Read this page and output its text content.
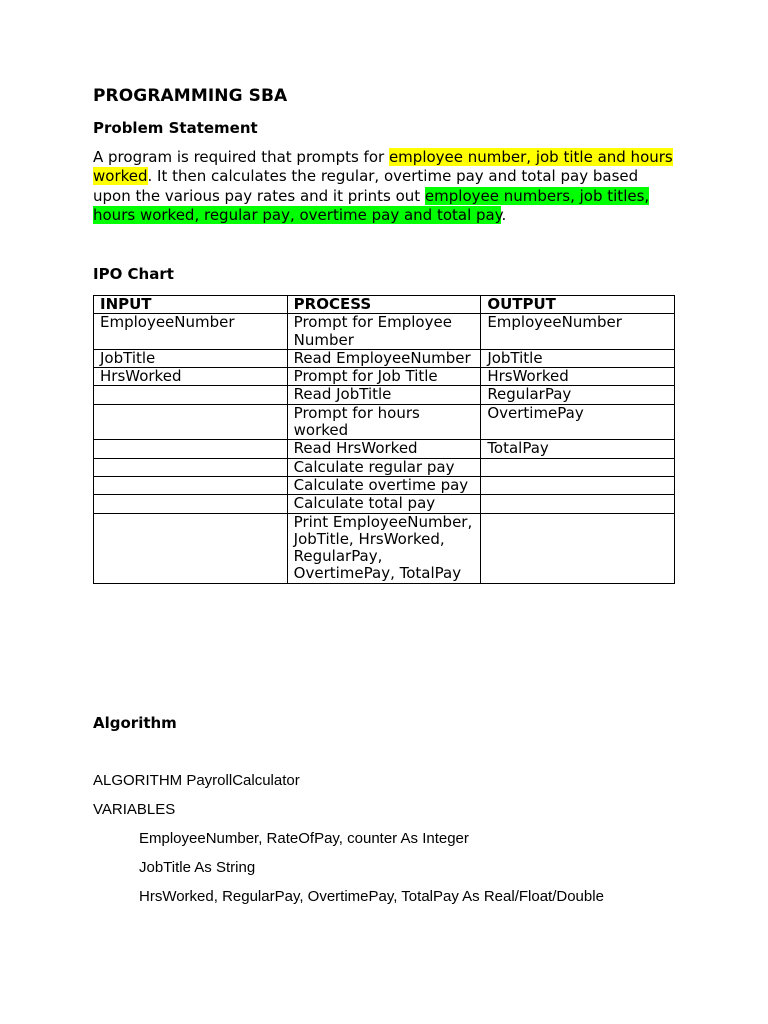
PROGRAMMING SBA
Problem Statement
A program is required that prompts for employee number, job title and hours worked. It then calculates the regular, overtime pay and total pay based upon the various pay rates and it prints out employee numbers, job titles, hours worked, regular pay, overtime pay and total pay.
IPO Chart
INPUT	PROCESS	OUTPUT
EmployeeNumber	Prompt for Employee Number	EmployeeNumber
JobTitle	Read EmployeeNumber	JobTitle
HrsWorked	Prompt for Job Title	HrsWorked
	Read JobTitle	RegularPay
	Prompt for hours worked	OvertimePay
	Read HrsWorked	TotalPay
	Calculate regular pay	
	Calculate overtime pay	
	Calculate total pay	
	Print EmployeeNumber, JobTitle, HrsWorked, RegularPay, OvertimePay, TotalPay	
Algorithm
ALGORITHM PayrollCalculator
VARIABLES
EmployeeNumber, RateOfPay, counter As Integer
JobTitle As String
HrsWorked, RegularPay, OvertimePay, TotalPay As Real/Float/Double
